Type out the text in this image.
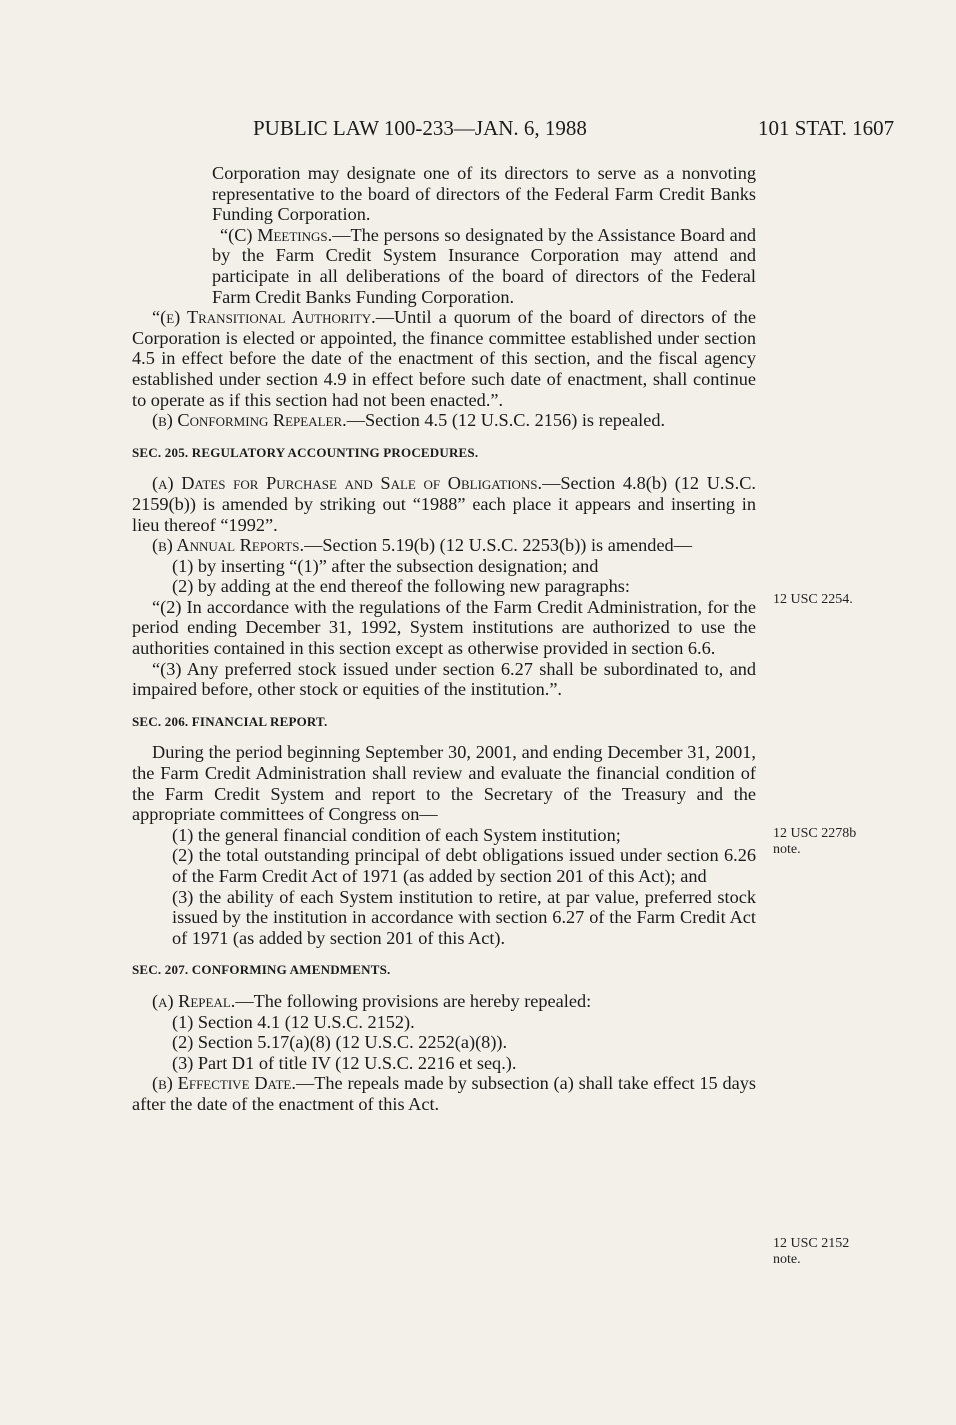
PUBLIC LAW 100-233—JAN. 6, 1988	101 STAT. 1607

Corporation may designate one of its directors to serve as a nonvoting representative to the board of directors of the Federal Farm Credit Banks Funding Corporation.

“(C) Meetings.—The persons so designated by the Assistance Board and by the Farm Credit System Insurance Corporation may attend and participate in all deliberations of the board of directors of the Federal Farm Credit Banks Funding Corporation.

“(e) Transitional Authority.—Until a quorum of the board of directors of the Corporation is elected or appointed, the finance committee established under section 4.5 in effect before the date of the enactment of this section, and the fiscal agency established under section 4.9 in effect before such date of enactment, shall continue to operate as if this section had not been enacted.”.

(b) Conforming Repealer.—Section 4.5 (12 U.S.C. 2156) is repealed.

SEC. 205. REGULATORY ACCOUNTING PROCEDURES.

(a) Dates for Purchase and Sale of Obligations.—Section 4.8(b) (12 U.S.C. 2159(b)) is amended by striking out “1988” each place it appears and inserting in lieu thereof “1992”.

(b) Annual Reports.—Section 5.19(b) (12 U.S.C. 2253(b)) is amended—

(1) by inserting “(1)” after the subsection designation; and

(2) by adding at the end thereof the following new paragraphs:

“(2) In accordance with the regulations of the Farm Credit Administration, for the period ending December 31, 1992, System institutions are authorized to use the authorities contained in this section except as otherwise provided in section 6.6.

“(3) Any preferred stock issued under section 6.27 shall be subordinated to, and impaired before, other stock or equities of the institution.”.

SEC. 206. FINANCIAL REPORT.

During the period beginning September 30, 2001, and ending December 31, 2001, the Farm Credit Administration shall review and evaluate the financial condition of the Farm Credit System and report to the Secretary of the Treasury and the appropriate committees of Congress on—

(1) the general financial condition of each System institution;

(2) the total outstanding principal of debt obligations issued under section 6.26 of the Farm Credit Act of 1971 (as added by section 201 of this Act); and

(3) the ability of each System institution to retire, at par value, preferred stock issued by the institution in accordance with section 6.27 of the Farm Credit Act of 1971 (as added by section 201 of this Act).

SEC. 207. CONFORMING AMENDMENTS.

(a) Repeal.—The following provisions are hereby repealed:

(1) Section 4.1 (12 U.S.C. 2152).

(2) Section 5.17(a)(8) (12 U.S.C. 2252(a)(8)).

(3) Part D1 of title IV (12 U.S.C. 2216 et seq.).

(b) Effective Date.—The repeals made by subsection (a) shall take effect 15 days after the date of the enactment of this Act.

12 USC 2254.
12 USC 2278b
note.
12 USC 2152
note.
